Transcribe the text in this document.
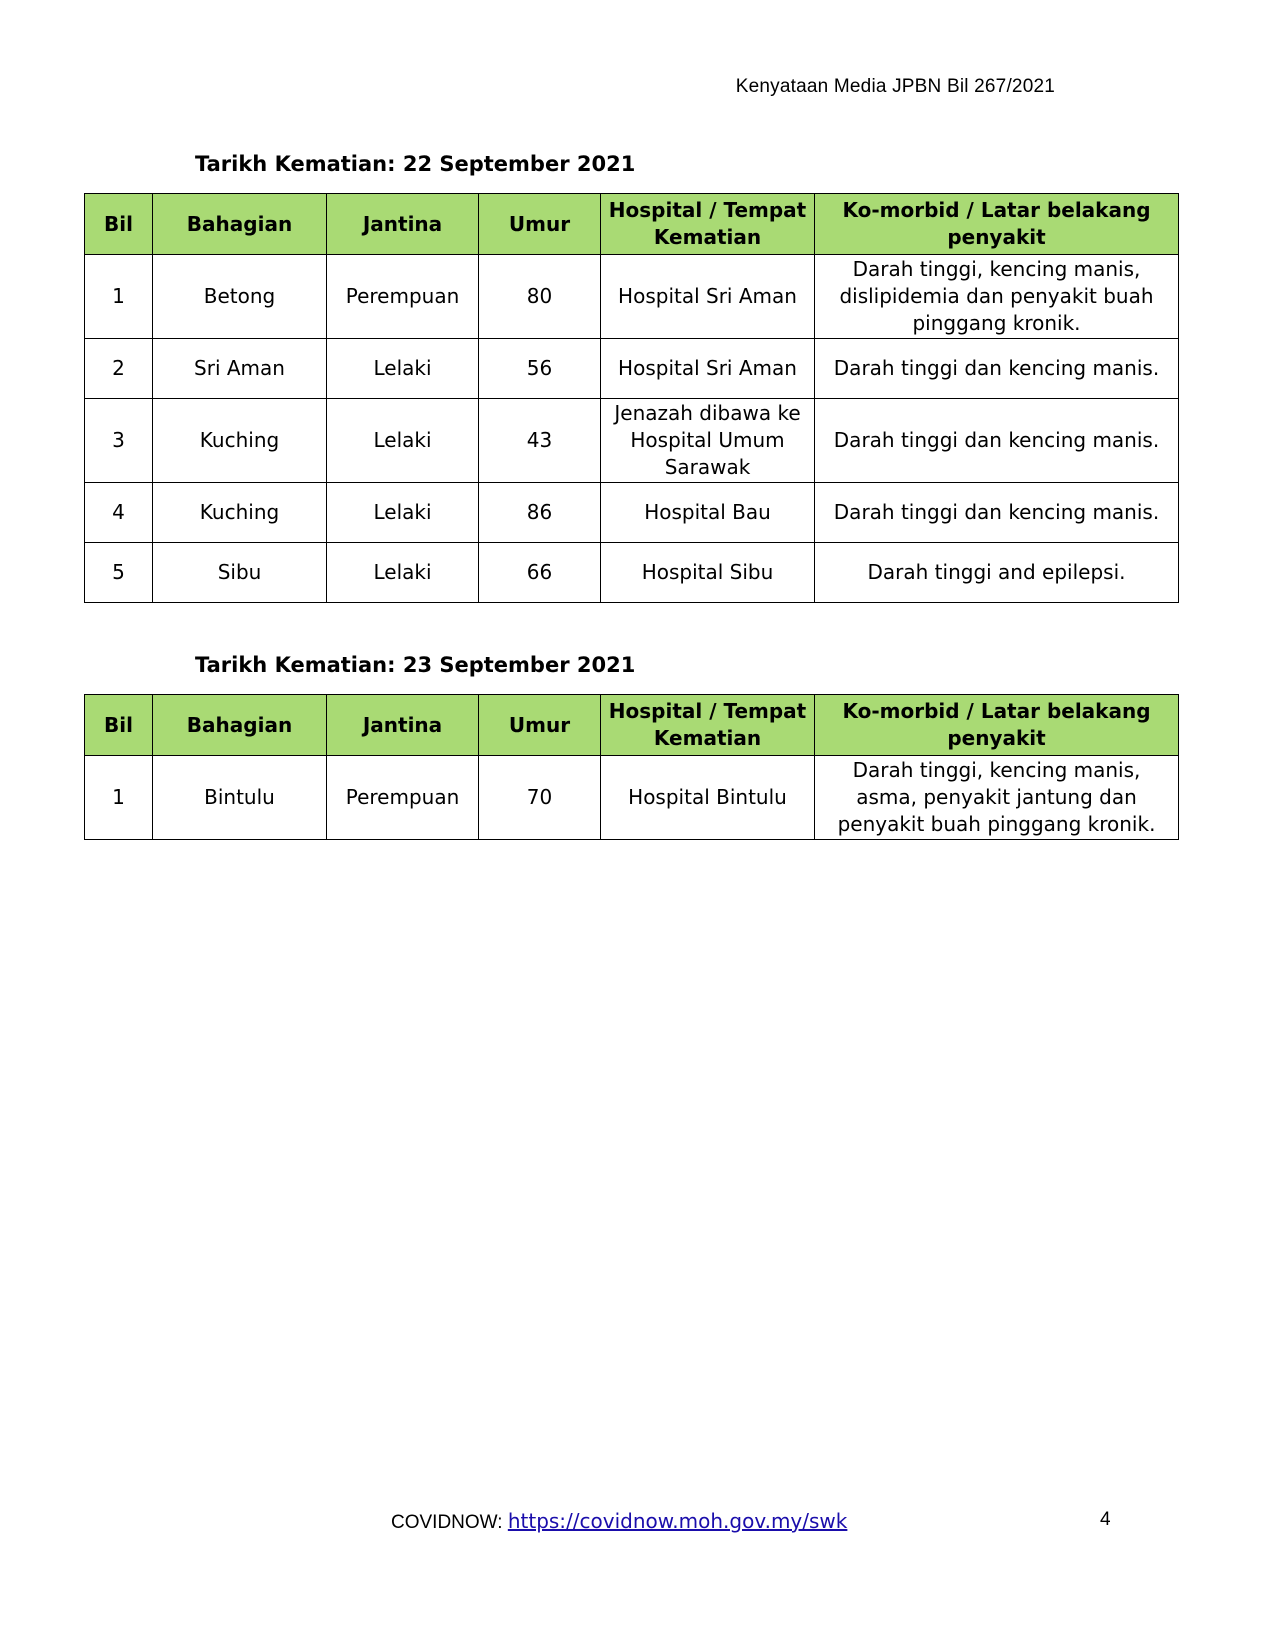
Kenyataan Media JPBN Bil 267/2021
Tarikh Kematian: 22 September 2021
Bil	Bahagian	Jantina	Umur	Hospital / Tempat Kematian	Ko-morbid / Latar belakang penyakit
1	Betong	Perempuan	80	Hospital Sri Aman	Darah tinggi, kencing manis, dislipidemia dan penyakit buah pinggang kronik.
2	Sri Aman	Lelaki	56	Hospital Sri Aman	Darah tinggi dan kencing manis.
3	Kuching	Lelaki	43	Jenazah dibawa ke Hospital Umum Sarawak	Darah tinggi dan kencing manis.
4	Kuching	Lelaki	86	Hospital Bau	Darah tinggi dan kencing manis.
5	Sibu	Lelaki	66	Hospital Sibu	Darah tinggi and epilepsi.
Tarikh Kematian: 23 September 2021
Bil	Bahagian	Jantina	Umur	Hospital / Tempat Kematian	Ko-morbid / Latar belakang penyakit
1	Bintulu	Perempuan	70	Hospital Bintulu	Darah tinggi, kencing manis, asma, penyakit jantung dan penyakit buah pinggang kronik.
COVIDNOW: https://covidnow.moh.gov.my/swk	4
